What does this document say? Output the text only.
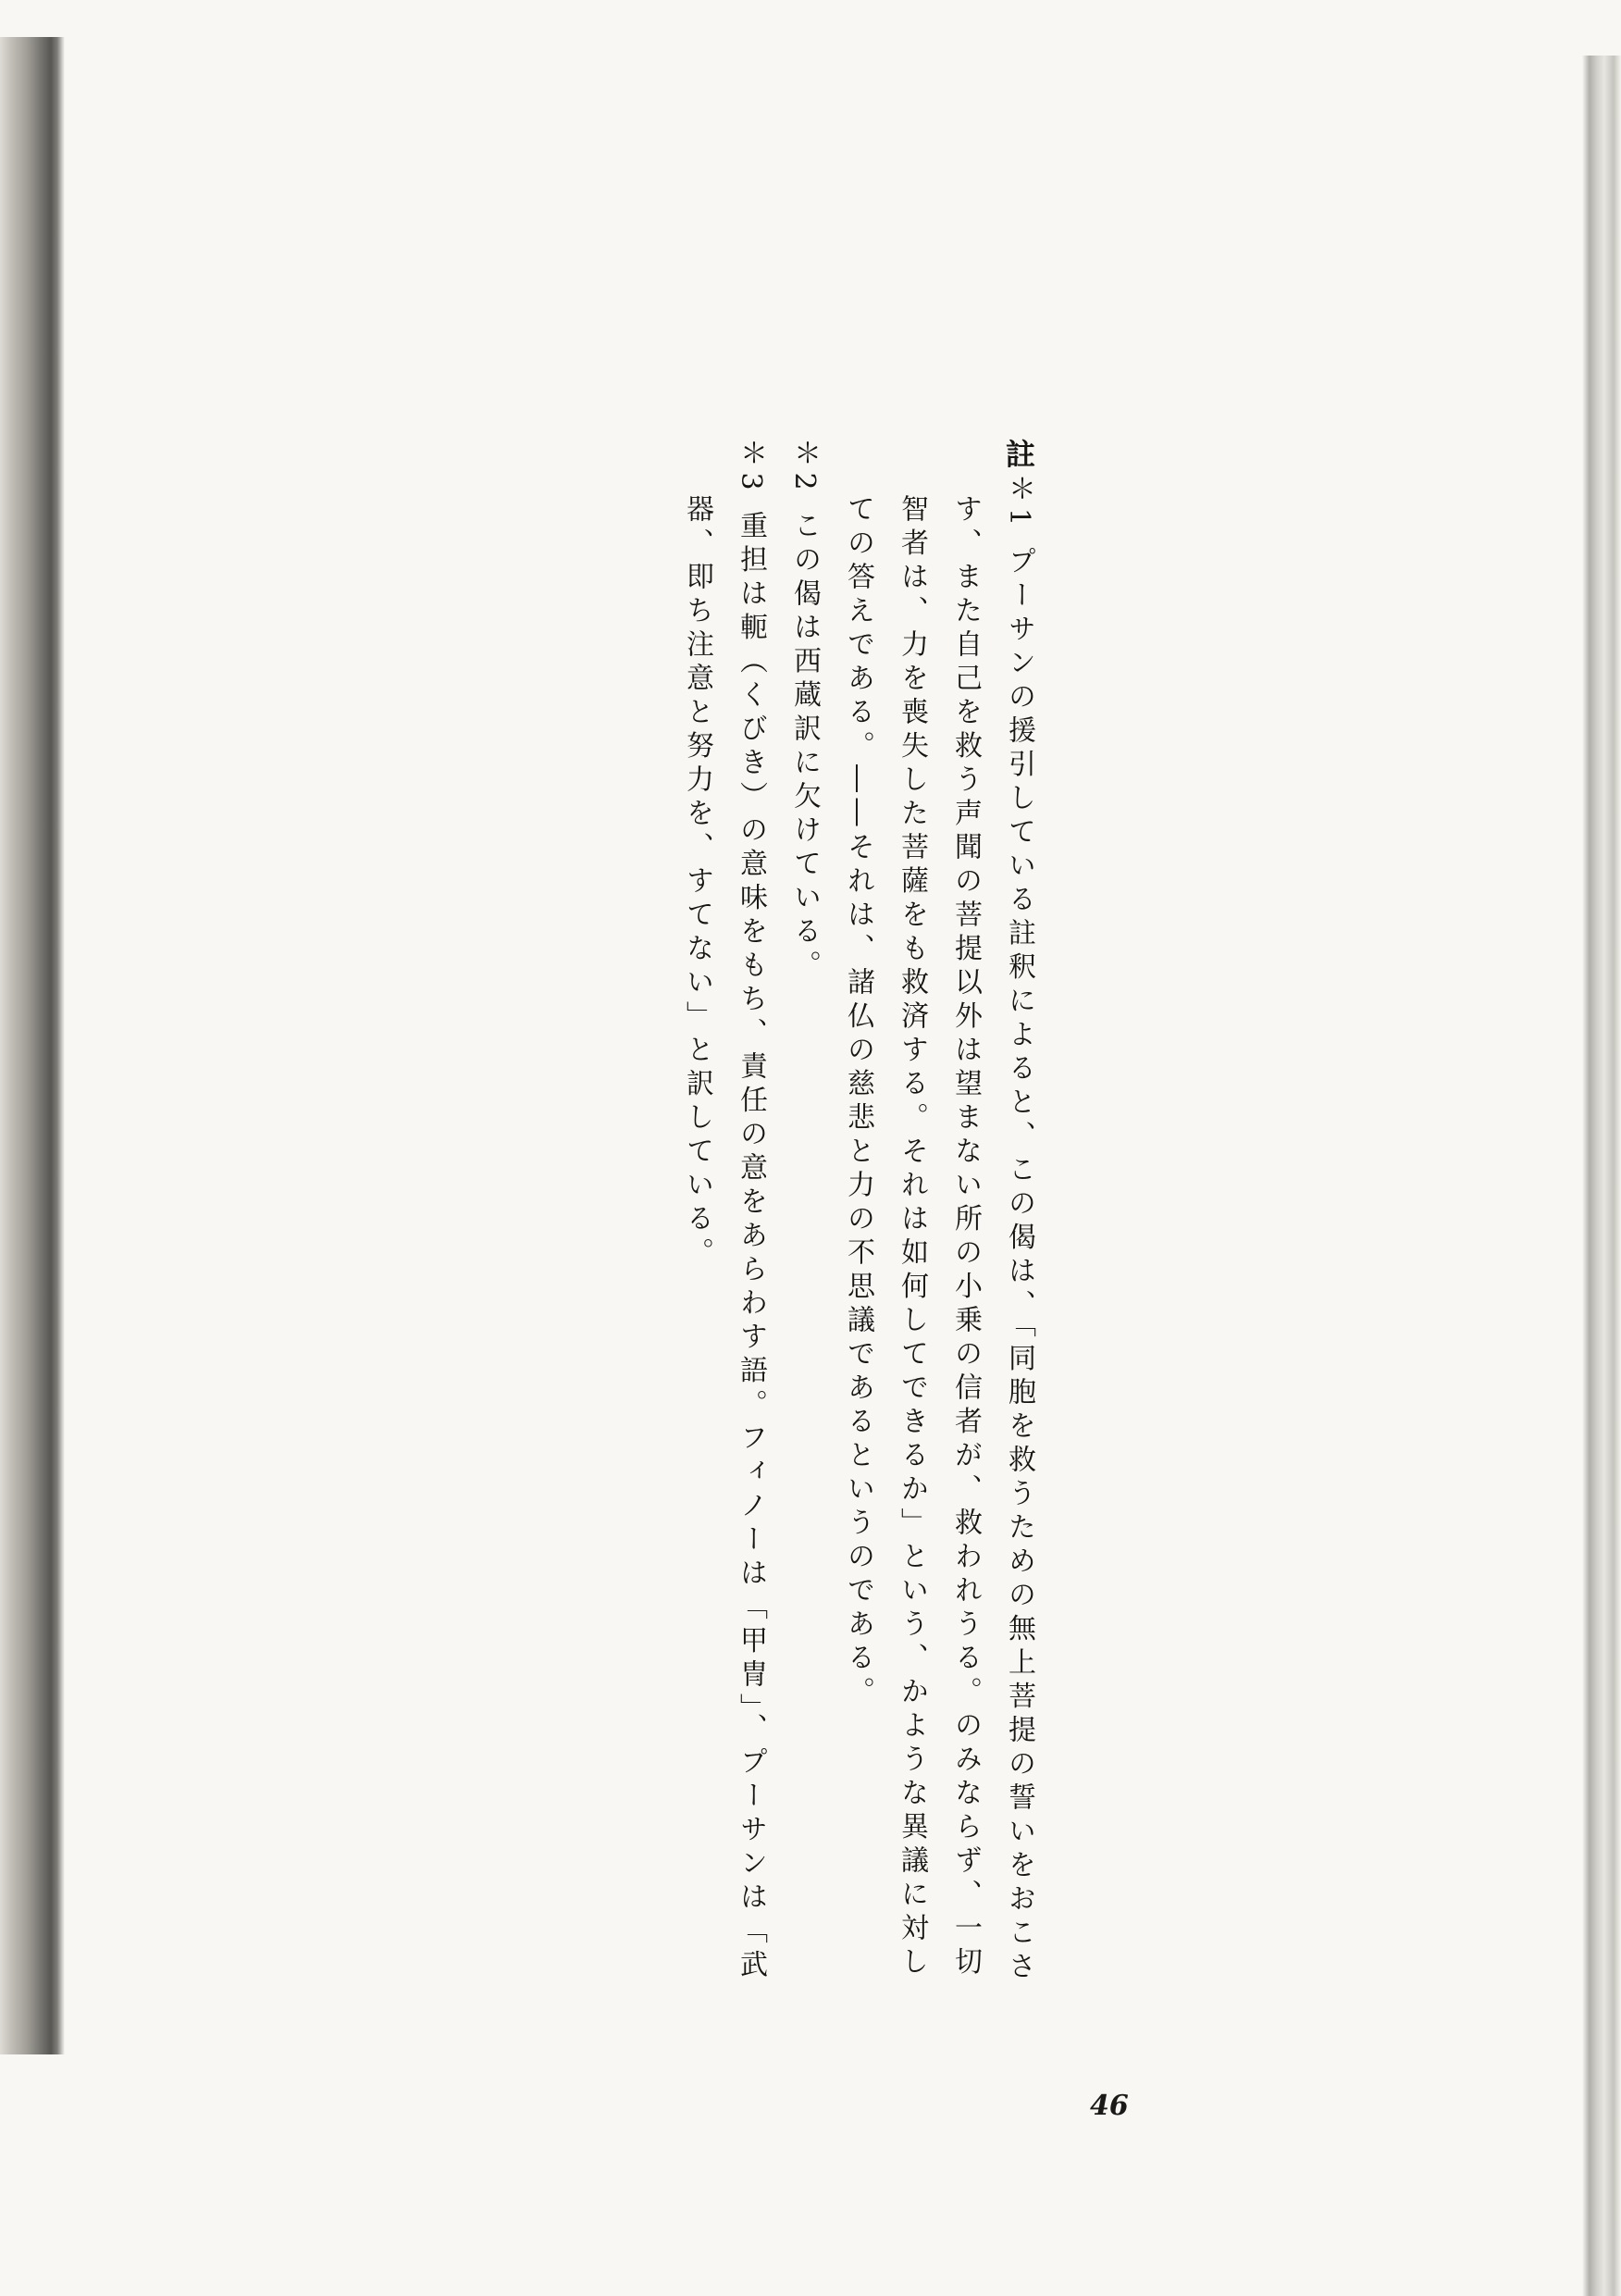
註＊1 プーサンの援引している註釈によると、この偈は、「同胞を救うための無上菩提の誓いをおこさ
す、また自己を救う声聞の菩提以外は望まない所の小乗の信者が、救われうる。のみならず、一切
智者は、力を喪失した菩薩をも救済する。それは如何してできるか」という、かような異議に対し
ての答えである。――それは、諸仏の慈悲と力の不思議であるというのである。
＊2 この偈は西蔵訳に欠けている。
＊3 重担は軛（くびき）の意味をもち、責任の意をあらわす語。フィノーは「甲冑」、プーサンは「武
器、即ち注意と努力を、すてない」と訳している。
46
